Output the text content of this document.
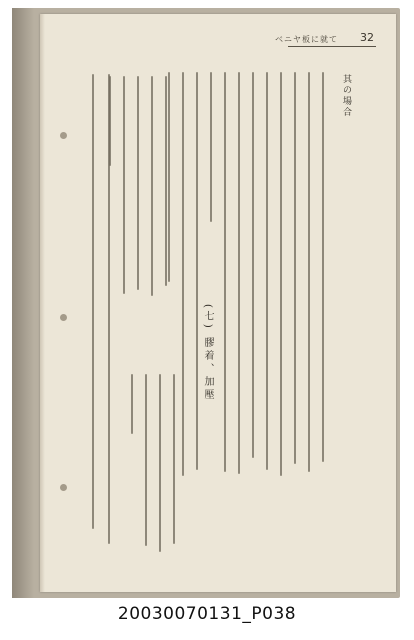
ベニヤ板に就て 32
其の場合
(七) 膠着、加壓
20030070131_P038
